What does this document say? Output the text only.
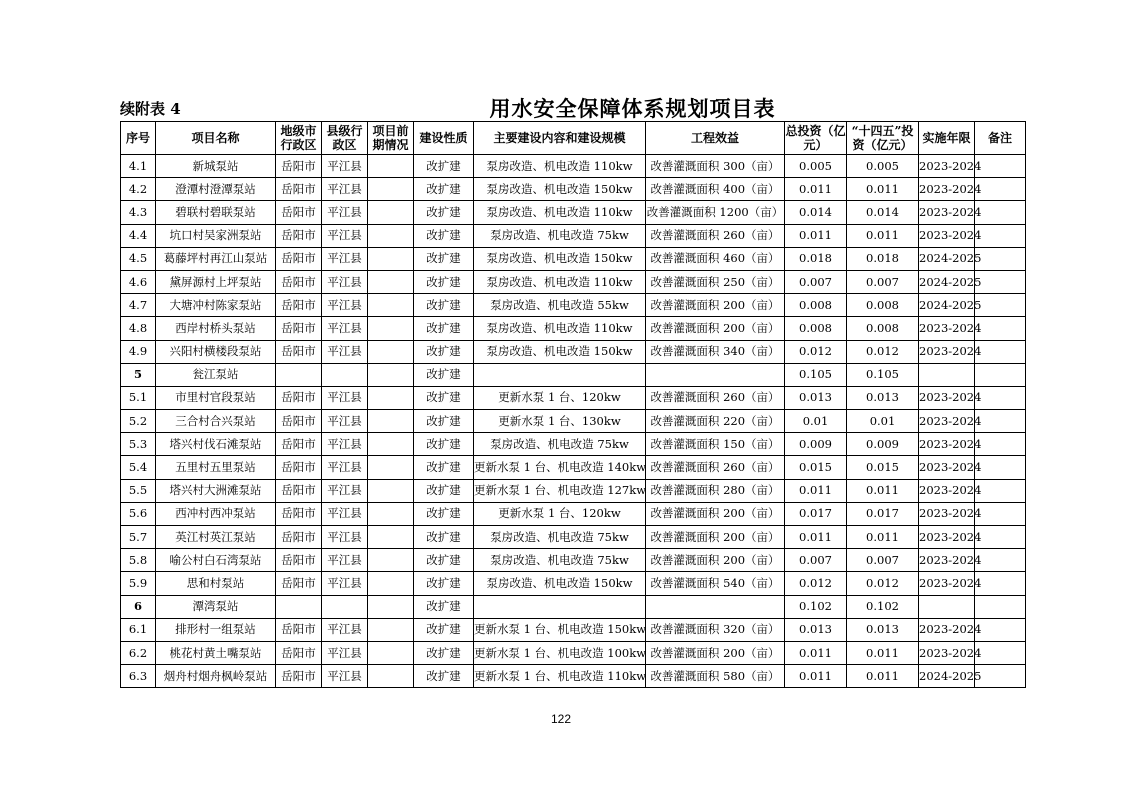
续附表 4	用水安全保障体系规划项目表
序号	项目名称	地级市行政区	县级行政区	项目前期情况	建设性质	主要建设内容和建设规模	工程效益	总投资（亿元）	“十四五”投资（亿元）	实施年限	备注
4.1	新城泵站	岳阳市	平江县		改扩建	泵房改造、机电改造 110kw	改善灌溉面积 300（亩）	0.005	0.005	2023-2024	
4.2	澄潭村澄潭泵站	岳阳市	平江县		改扩建	泵房改造、机电改造 150kw	改善灌溉面积 400（亩）	0.011	0.011	2023-2024	
4.3	碧联村碧联泵站	岳阳市	平江县		改扩建	泵房改造、机电改造 110kw	改善灌溉面积 1200（亩）	0.014	0.014	2023-2024	
4.4	坑口村吴家洲泵站	岳阳市	平江县		改扩建	泵房改造、机电改造 75kw	改善灌溉面积 260（亩）	0.011	0.011	2023-2024	
4.5	葛藤坪村再江山泵站	岳阳市	平江县		改扩建	泵房改造、机电改造 150kw	改善灌溉面积 460（亩）	0.018	0.018	2024-2025	
4.6	黛屏源村上坪泵站	岳阳市	平江县		改扩建	泵房改造、机电改造 110kw	改善灌溉面积 250（亩）	0.007	0.007	2024-2025	
4.7	大塘冲村陈家泵站	岳阳市	平江县		改扩建	泵房改造、机电改造 55kw	改善灌溉面积 200（亩）	0.008	0.008	2024-2025	
4.8	西岸村桥头泵站	岳阳市	平江县		改扩建	泵房改造、机电改造 110kw	改善灌溉面积 200（亩）	0.008	0.008	2023-2024	
4.9	兴阳村横楼段泵站	岳阳市	平江县		改扩建	泵房改造、机电改造 150kw	改善灌溉面积 340（亩）	0.012	0.012	2023-2024	
5	瓮江泵站				改扩建			0.105	0.105		
5.1	市里村官段泵站	岳阳市	平江县		改扩建	更新水泵 1 台、120kw	改善灌溉面积 260（亩）	0.013	0.013	2023-2024	
5.2	三合村合兴泵站	岳阳市	平江县		改扩建	更新水泵 1 台、130kw	改善灌溉面积 220（亩）	0.01	0.01	2023-2024	
5.3	塔兴村伐石滩泵站	岳阳市	平江县		改扩建	泵房改造、机电改造 75kw	改善灌溉面积 150（亩）	0.009	0.009	2023-2024	
5.4	五里村五里泵站	岳阳市	平江县		改扩建	更新水泵 1 台、机电改造 140kw	改善灌溉面积 260（亩）	0.015	0.015	2023-2024	
5.5	塔兴村大洲滩泵站	岳阳市	平江县		改扩建	更新水泵 1 台、机电改造 127kw	改善灌溉面积 280（亩）	0.011	0.011	2023-2024	
5.6	西冲村西冲泵站	岳阳市	平江县		改扩建	更新水泵 1 台、120kw	改善灌溉面积 200（亩）	0.017	0.017	2023-2024	
5.7	英江村英江泵站	岳阳市	平江县		改扩建	泵房改造、机电改造 75kw	改善灌溉面积 200（亩）	0.011	0.011	2023-2024	
5.8	喻公村白石湾泵站	岳阳市	平江县		改扩建	泵房改造、机电改造 75kw	改善灌溉面积 200（亩）	0.007	0.007	2023-2024	
5.9	思和村泵站	岳阳市	平江县		改扩建	泵房改造、机电改造 150kw	改善灌溉面积 540（亩）	0.012	0.012	2023-2024	
6	潭湾泵站				改扩建			0.102	0.102		
6.1	排形村一组泵站	岳阳市	平江县		改扩建	更新水泵 1 台、机电改造 150kw	改善灌溉面积 320（亩）	0.013	0.013	2023-2024	
6.2	桃花村黄土嘴泵站	岳阳市	平江县		改扩建	更新水泵 1 台、机电改造 100kw	改善灌溉面积 200（亩）	0.011	0.011	2023-2024	
6.3	烟舟村烟舟枫岭泵站	岳阳市	平江县		改扩建	更新水泵 1 台、机电改造 110kw	改善灌溉面积 580（亩）	0.011	0.011	2024-2025	
122
